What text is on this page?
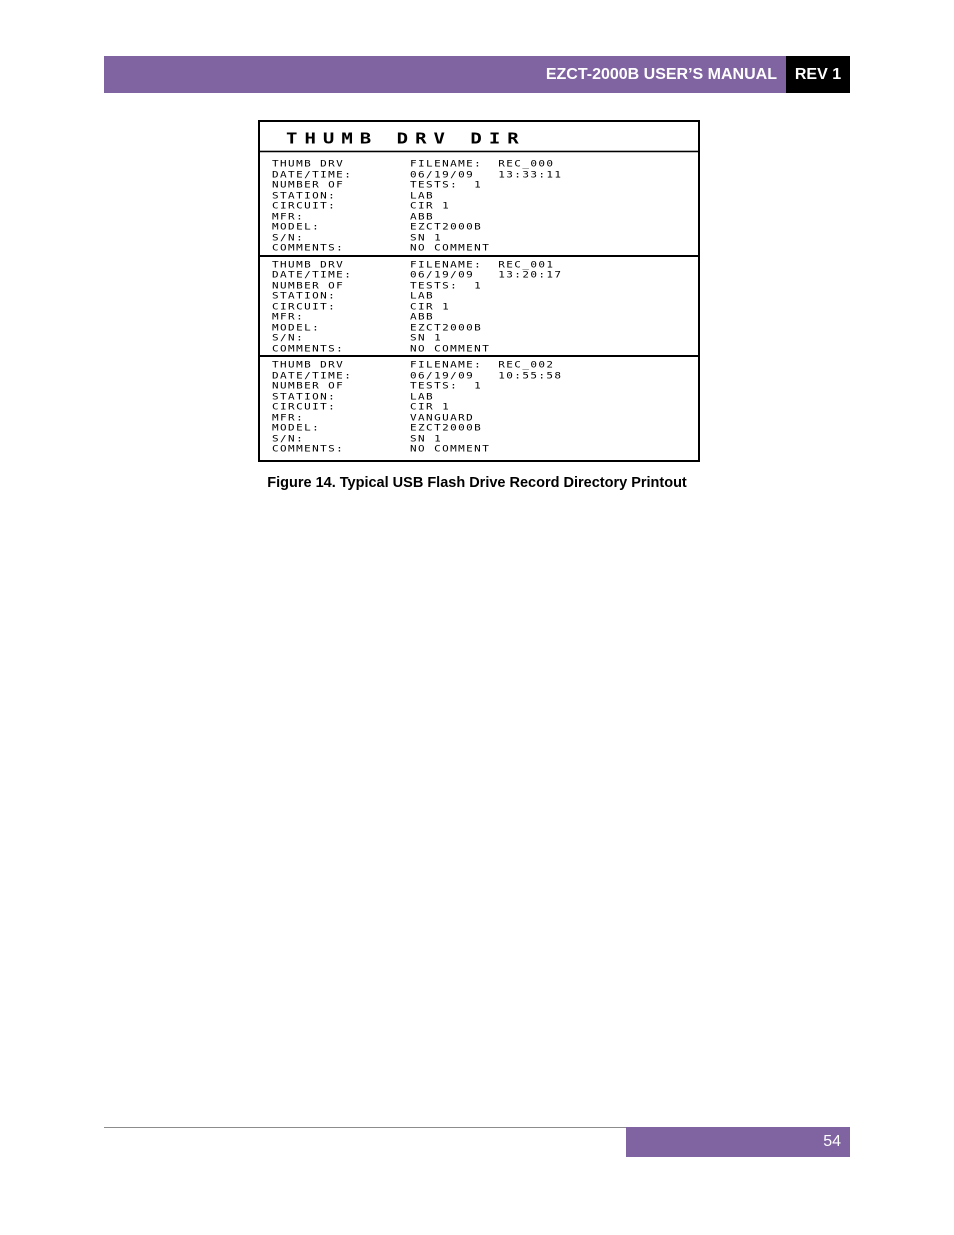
EZCT-2000B USER’S MANUAL REV 1
THUMB DRV DIR
THUMB DRV	FILENAME:  REC_000
DATE/TIME:	06/19/09   13:33:11
NUMBER OF	TESTS:  1
STATION:	LAB
CIRCUIT:	CIR 1
MFR:	ABB
MODEL:	EZCT2000B
S/N:	SN 1
COMMENTS:	NO COMMENT
THUMB DRV	FILENAME:  REC_001
DATE/TIME:	06/19/09   13:20:17
NUMBER OF	TESTS:  1
STATION:	LAB
CIRCUIT:	CIR 1
MFR:	ABB
MODEL:	EZCT2000B
S/N:	SN 1
COMMENTS:	NO COMMENT
THUMB DRV	FILENAME:  REC_002
DATE/TIME:	06/19/09   10:55:58
NUMBER OF	TESTS:  1
STATION:	LAB
CIRCUIT:	CIR 1
MFR:	VANGUARD
MODEL:	EZCT2000B
S/N:	SN 1
COMMENTS:	NO COMMENT
Figure 14. Typical USB Flash Drive Record Directory Printout
54
